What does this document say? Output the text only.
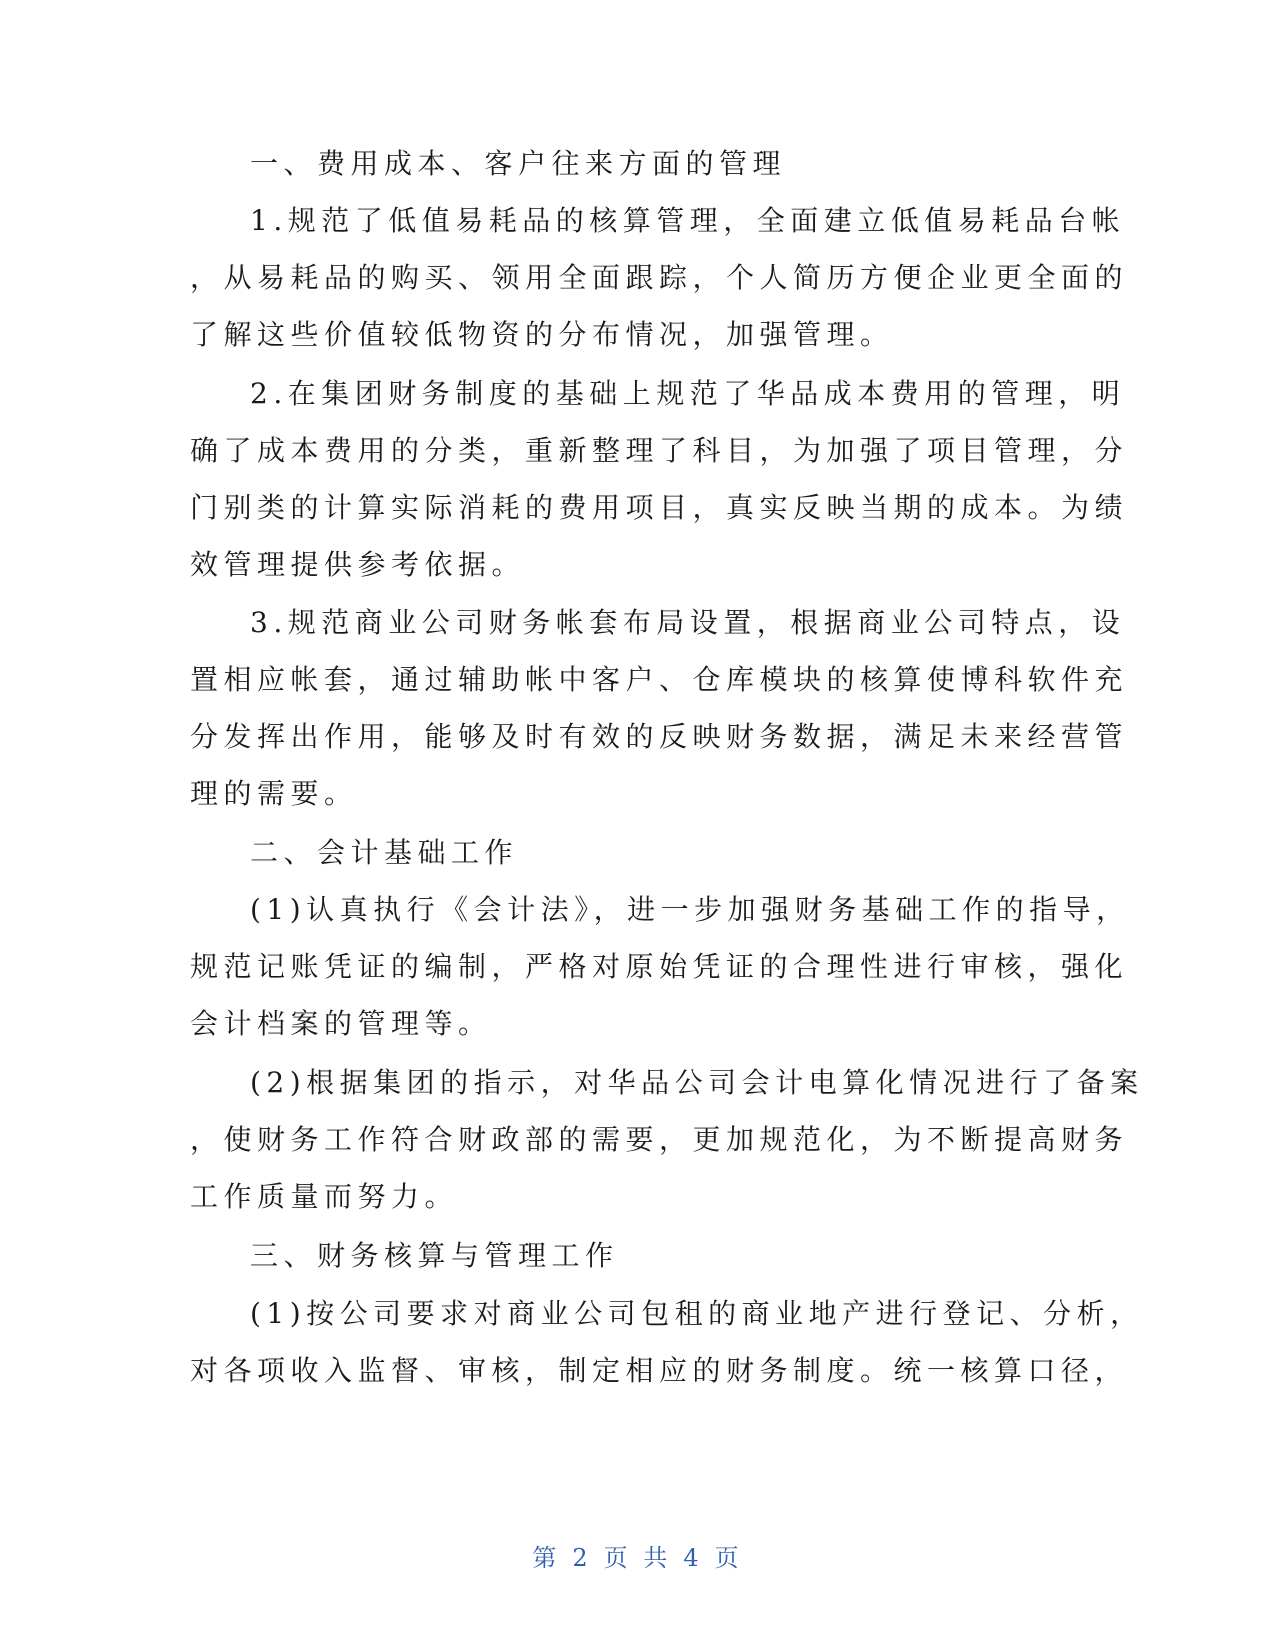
一、费用成本、客户往来方面的管理
1.规范了低值易耗品的核算管理，全面建立低值易耗品台帐
，从易耗品的购买、领用全面跟踪，个人简历方便企业更全面的
了解这些价值较低物资的分布情况，加强管理。
2.在集团财务制度的基础上规范了华品成本费用的管理，明
确了成本费用的分类，重新整理了科目，为加强了项目管理，分
门别类的计算实际消耗的费用项目，真实反映当期的成本。为绩
效管理提供参考依据。
3.规范商业公司财务帐套布局设置，根据商业公司特点，设
置相应帐套，通过辅助帐中客户、仓库模块的核算使博科软件充
分发挥出作用，能够及时有效的反映财务数据，满足未来经营管
理的需要。
二、会计基础工作
(1)认真执行《会计法》，进一步加强财务基础工作的指导，
规范记账凭证的编制，严格对原始凭证的合理性进行审核，强化
会计档案的管理等。
(2)根据集团的指示，对华品公司会计电算化情况进行了备案
，使财务工作符合财政部的需要，更加规范化，为不断提高财务
工作质量而努力。
三、财务核算与管理工作
(1)按公司要求对商业公司包租的商业地产进行登记、分析，
对各项收入监督、审核，制定相应的财务制度。统一核算口径，
第 2 页 共 4 页
